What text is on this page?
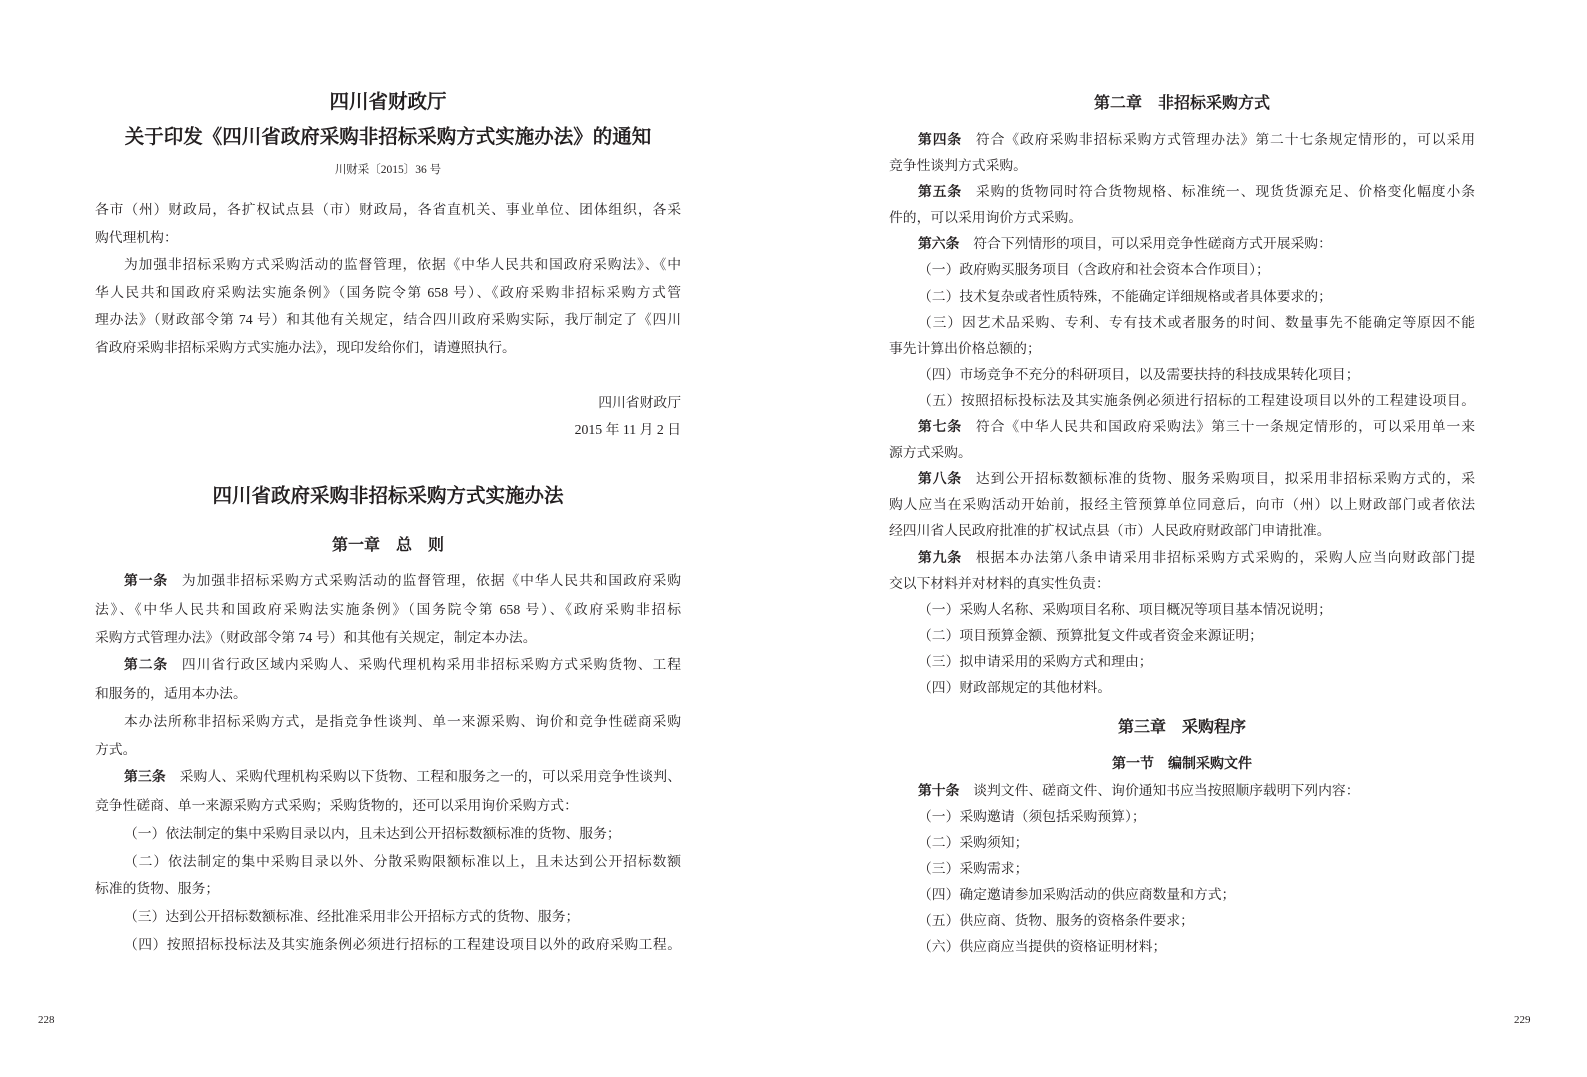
四川省财政厅
关于印发《四川省政府采购非招标采购方式实施办法》的通知
川财采〔2015〕36 号
各市（州）财政局，各扩权试点县（市）财政局，各省直机关、事业单位、团体组织，各采
购代理机构：
为加强非招标采购方式采购活动的监督管理，依据《中华人民共和国政府采购法》、《中
华人民共和国政府采购法实施条例》（国务院令第 658 号）、《政府采购非招标采购方式管
理办法》（财政部令第 74 号）和其他有关规定，结合四川政府采购实际，我厅制定了《四川
省政府采购非招标采购方式实施办法》，现印发给你们，请遵照执行。
四川省财政厅
2015 年 11 月 2 日
四川省政府采购非招标采购方式实施办法
第一章　总　则
第一条 为加强非招标采购方式采购活动的监督管理，依据《中华人民共和国政府采购
法》、《中华人民共和国政府采购法实施条例》（国务院令第 658 号）、《政府采购非招标
采购方式管理办法》（财政部令第 74 号）和其他有关规定，制定本办法。
第二条 四川省行政区域内采购人、采购代理机构采用非招标采购方式采购货物、工程
和服务的，适用本办法。
本办法所称非招标采购方式，是指竞争性谈判、单一来源采购、询价和竞争性磋商采购
方式。
第三条 采购人、采购代理机构采购以下货物、工程和服务之一的，可以采用竞争性谈判、
竞争性磋商、单一来源采购方式采购；采购货物的，还可以采用询价采购方式：
（一）依法制定的集中采购目录以内，且未达到公开招标数额标准的货物、服务；
（二）依法制定的集中采购目录以外、分散采购限额标准以上，且未达到公开招标数额
标准的货物、服务；
（三）达到公开招标数额标准、经批准采用非公开招标方式的货物、服务；
（四）按照招标投标法及其实施条例必须进行招标的工程建设项目以外的政府采购工程。
228
第二章　非招标采购方式
第四条 符合《政府采购非招标采购方式管理办法》第二十七条规定情形的，可以采用
竞争性谈判方式采购。
第五条 采购的货物同时符合货物规格、标准统一、现货货源充足、价格变化幅度小条
件的，可以采用询价方式采购。
第六条 符合下列情形的项目，可以采用竞争性磋商方式开展采购：
（一）政府购买服务项目（含政府和社会资本合作项目）；
（二）技术复杂或者性质特殊，不能确定详细规格或者具体要求的；
（三）因艺术品采购、专利、专有技术或者服务的时间、数量事先不能确定等原因不能
事先计算出价格总额的；
（四）市场竞争不充分的科研项目，以及需要扶持的科技成果转化项目；
（五）按照招标投标法及其实施条例必须进行招标的工程建设项目以外的工程建设项目。
第七条 符合《中华人民共和国政府采购法》第三十一条规定情形的，可以采用单一来
源方式采购。
第八条 达到公开招标数额标准的货物、服务采购项目，拟采用非招标采购方式的，采
购人应当在采购活动开始前，报经主管预算单位同意后，向市（州）以上财政部门或者依法
经四川省人民政府批准的扩权试点县（市）人民政府财政部门申请批准。
第九条 根据本办法第八条申请采用非招标采购方式采购的，采购人应当向财政部门提
交以下材料并对材料的真实性负责：
（一）采购人名称、采购项目名称、项目概况等项目基本情况说明；
（二）项目预算金额、预算批复文件或者资金来源证明；
（三）拟申请采用的采购方式和理由；
（四）财政部规定的其他材料。
第三章　采购程序
第一节　编制采购文件
第十条 谈判文件、磋商文件、询价通知书应当按照顺序载明下列内容：
（一）采购邀请（须包括采购预算）；
（二）采购须知；
（三）采购需求；
（四）确定邀请参加采购活动的供应商数量和方式；
（五）供应商、货物、服务的资格条件要求；
（六）供应商应当提供的资格证明材料；
229
